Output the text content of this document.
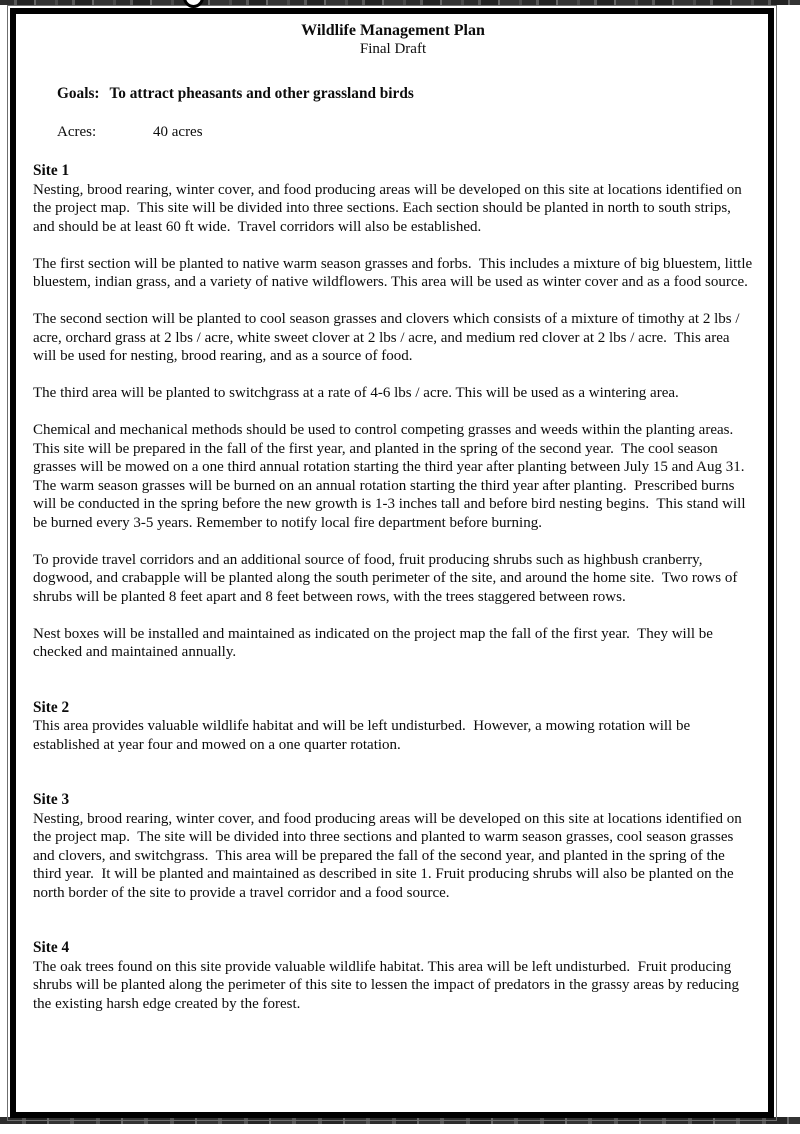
Wildlife Management Plan
Final Draft
Goals: To attract pheasants and other grassland birds
Acres:	40 acres
Site 1

Nesting, brood rearing, winter cover, and food producing areas will be developed on this site at locations identified on the project map.  This site will be divided into three sections. Each section should be planted in north to south strips, and should be at least 60 ft wide.  Travel corridors will also be established.

The first section will be planted to native warm season grasses and forbs.  This includes a mixture of big bluestem, little bluestem, indian grass, and a variety of native wildflowers. This area will be used as winter cover and as a food source.

The second section will be planted to cool season grasses and clovers which consists of a mixture of timothy at 2 lbs / acre, orchard grass at 2 lbs / acre, white sweet clover at 2 lbs / acre, and medium red clover at 2 lbs / acre.  This area will be used for nesting, brood rearing, and as a source of food.

The third area will be planted to switchgrass at a rate of 4-6 lbs / acre. This will be used as a wintering area.

Chemical and mechanical methods should be used to control competing grasses and weeds within the planting areas. This site will be prepared in the fall of the first year, and planted in the spring of the second year.  The cool season grasses will be mowed on a one third annual rotation starting the third year after planting between July 15 and Aug 31.  The warm season grasses will be burned on an annual rotation starting the third year after planting.  Prescribed burns will be conducted in the spring before the new growth is 1-3 inches tall and before bird nesting begins.  This stand will be burned every 3-5 years. Remember to notify local fire department before burning.

To provide travel corridors and an additional source of food, fruit producing shrubs such as highbush cranberry, dogwood, and crabapple will be planted along the south perimeter of the site, and around the home site.  Two rows of shrubs will be planted 8 feet apart and 8 feet between rows, with the trees staggered between rows.

Nest boxes will be installed and maintained as indicated on the project map the fall of the first year.  They will be checked and maintained annually.

Site 2

This area provides valuable wildlife habitat and will be left undisturbed.  However, a mowing rotation will be established at year four and mowed on a one quarter rotation.

Site 3

Nesting, brood rearing, winter cover, and food producing areas will be developed on this site at locations identified on the project map.  The site will be divided into three sections and planted to warm season grasses, cool season grasses and clovers, and switchgrass.  This area will be prepared the fall of the second year, and planted in the spring of the third year.  It will be planted and maintained as described in site 1. Fruit producing shrubs will also be planted on the north border of the site to provide a travel corridor and a food source.

Site 4

The oak trees found on this site provide valuable wildlife habitat. This area will be left undisturbed.  Fruit producing shrubs will be planted along the perimeter of this site to lessen the impact of predators in the grassy areas by reducing the existing harsh edge created by the forest.
